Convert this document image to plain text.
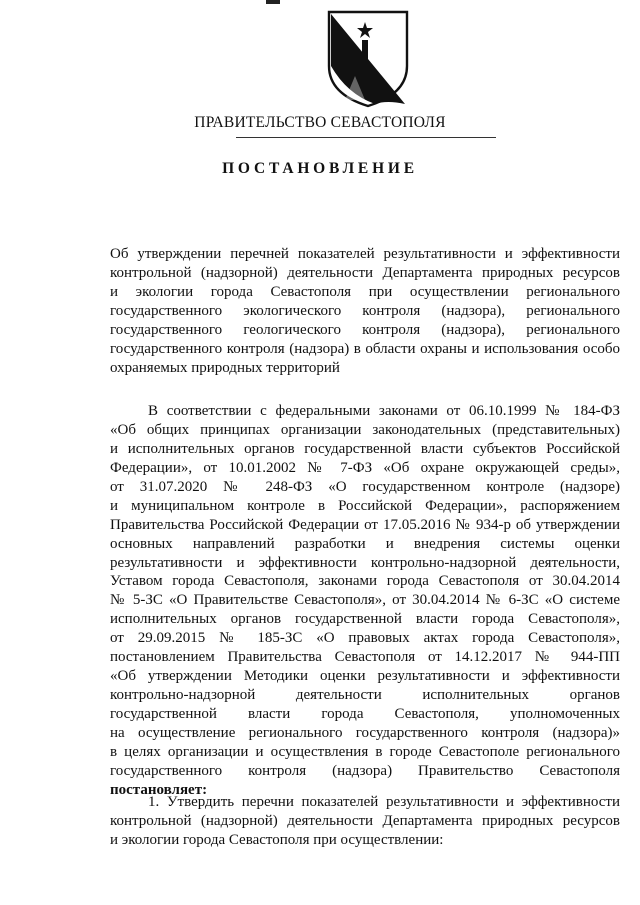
ПРАВИТЕЛЬСТВО СЕВАСТОПОЛЯ
ПОСТАНОВЛЕНИЕ

Об утверждении перечней показателей результативности и эффективности

контрольной (надзорной) деятельности Департамента природных ресурсов

и экологии города Севастополя при осуществлении регионального

государственного экологического контроля (надзора), регионального

государственного геологического контроля (надзора), регионального

государственного контроля (надзора) в области охраны и использования особо

охраняемых природных территорий

В соответствии с федеральными законами от 06.10.1999 № 184-ФЗ

«Об общих принципах организации законодательных (представительных)

и исполнительных органов государственной власти субъектов Российской

Федерации», от 10.01.2002 № 7-ФЗ «Об охране окружающей среды»,

от 31.07.2020 № 248-ФЗ «О государственном контроле (надзоре)

и муниципальном контроле в Российской Федерации», распоряжением

Правительства Российской Федерации от 17.05.2016 № 934-р об утверждении

основных направлений разработки и внедрения системы оценки

результативности и эффективности контрольно-надзорной деятельности,

Уставом города Севастополя, законами города Севастополя от 30.04.2014

№ 5-ЗС «О Правительстве Севастополя», от 30.04.2014 № 6-ЗС «О системе

исполнительных органов государственной власти города Севастополя»,

от 29.09.2015 № 185-ЗС «О правовых актах города Севастополя»,

постановлением Правительства Севастополя от 14.12.2017 № 944-ПП

«Об утверждении Методики оценки результативности и эффективности

контрольно-надзорной деятельности исполнительных органов

государственной власти города Севастополя, уполномоченных

на осуществление регионального государственного контроля (надзора)»

в целях организации и осуществления в городе Севастополе регионального

государственного контроля (надзора) Правительство Севастополя

постановляет:

1. Утвердить перечни показателей результативности и эффективности

контрольной (надзорной) деятельности Департамента природных ресурсов

и экологии города Севастополя при осуществлении:
